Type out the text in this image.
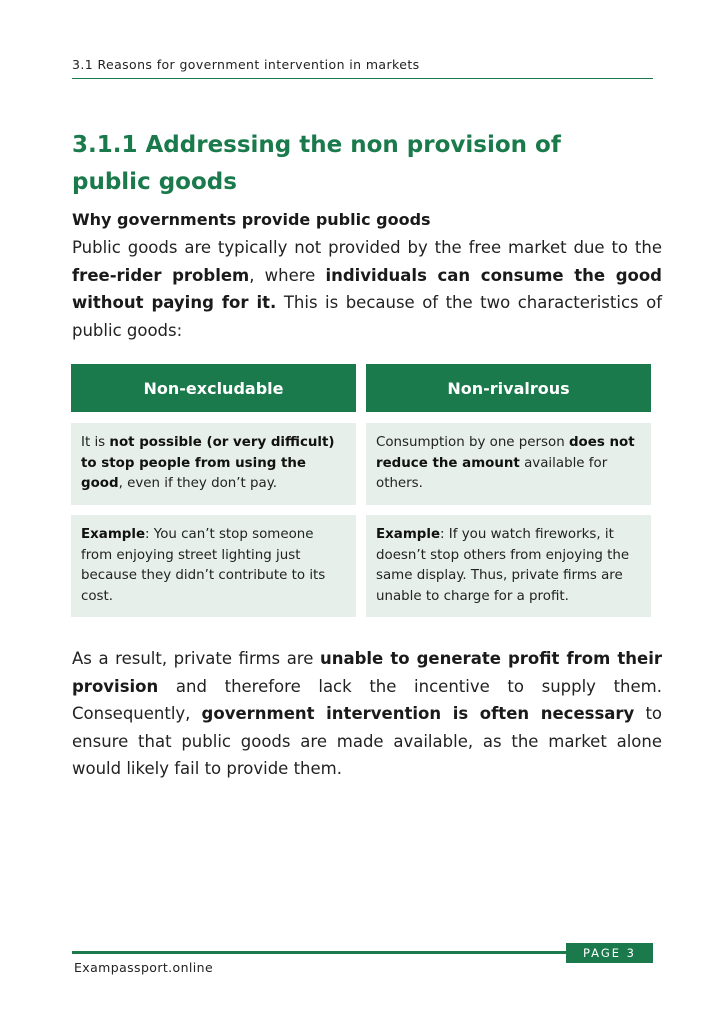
3.1 Reasons for government intervention in markets
3.1.1 Addressing the non provision of public goods
Why governments provide public goods
Public goods are typically not provided by the free market due to the free-rider problem, where individuals can consume the good without paying for it. This is because of the two characteristics of public goods:
Non-excludable	Non-rivalrous
It is not possible (or very difficult) to stop people from using the good, even if they don’t pay.
Consumption by one person does not reduce the amount available for others.
Example: You can’t stop someone from enjoying street lighting just because they didn’t contribute to its cost.
Example: If you watch fireworks, it doesn’t stop others from enjoying the same display. Thus, private firms are unable to charge for a profit.
As a result, private firms are unable to generate profit from their provision and therefore lack the incentive to supply them. Consequently, government intervention is often necessary to ensure that public goods are made available, as the market alone would likely fail to provide them.
PAGE 3
Exampassport.online
